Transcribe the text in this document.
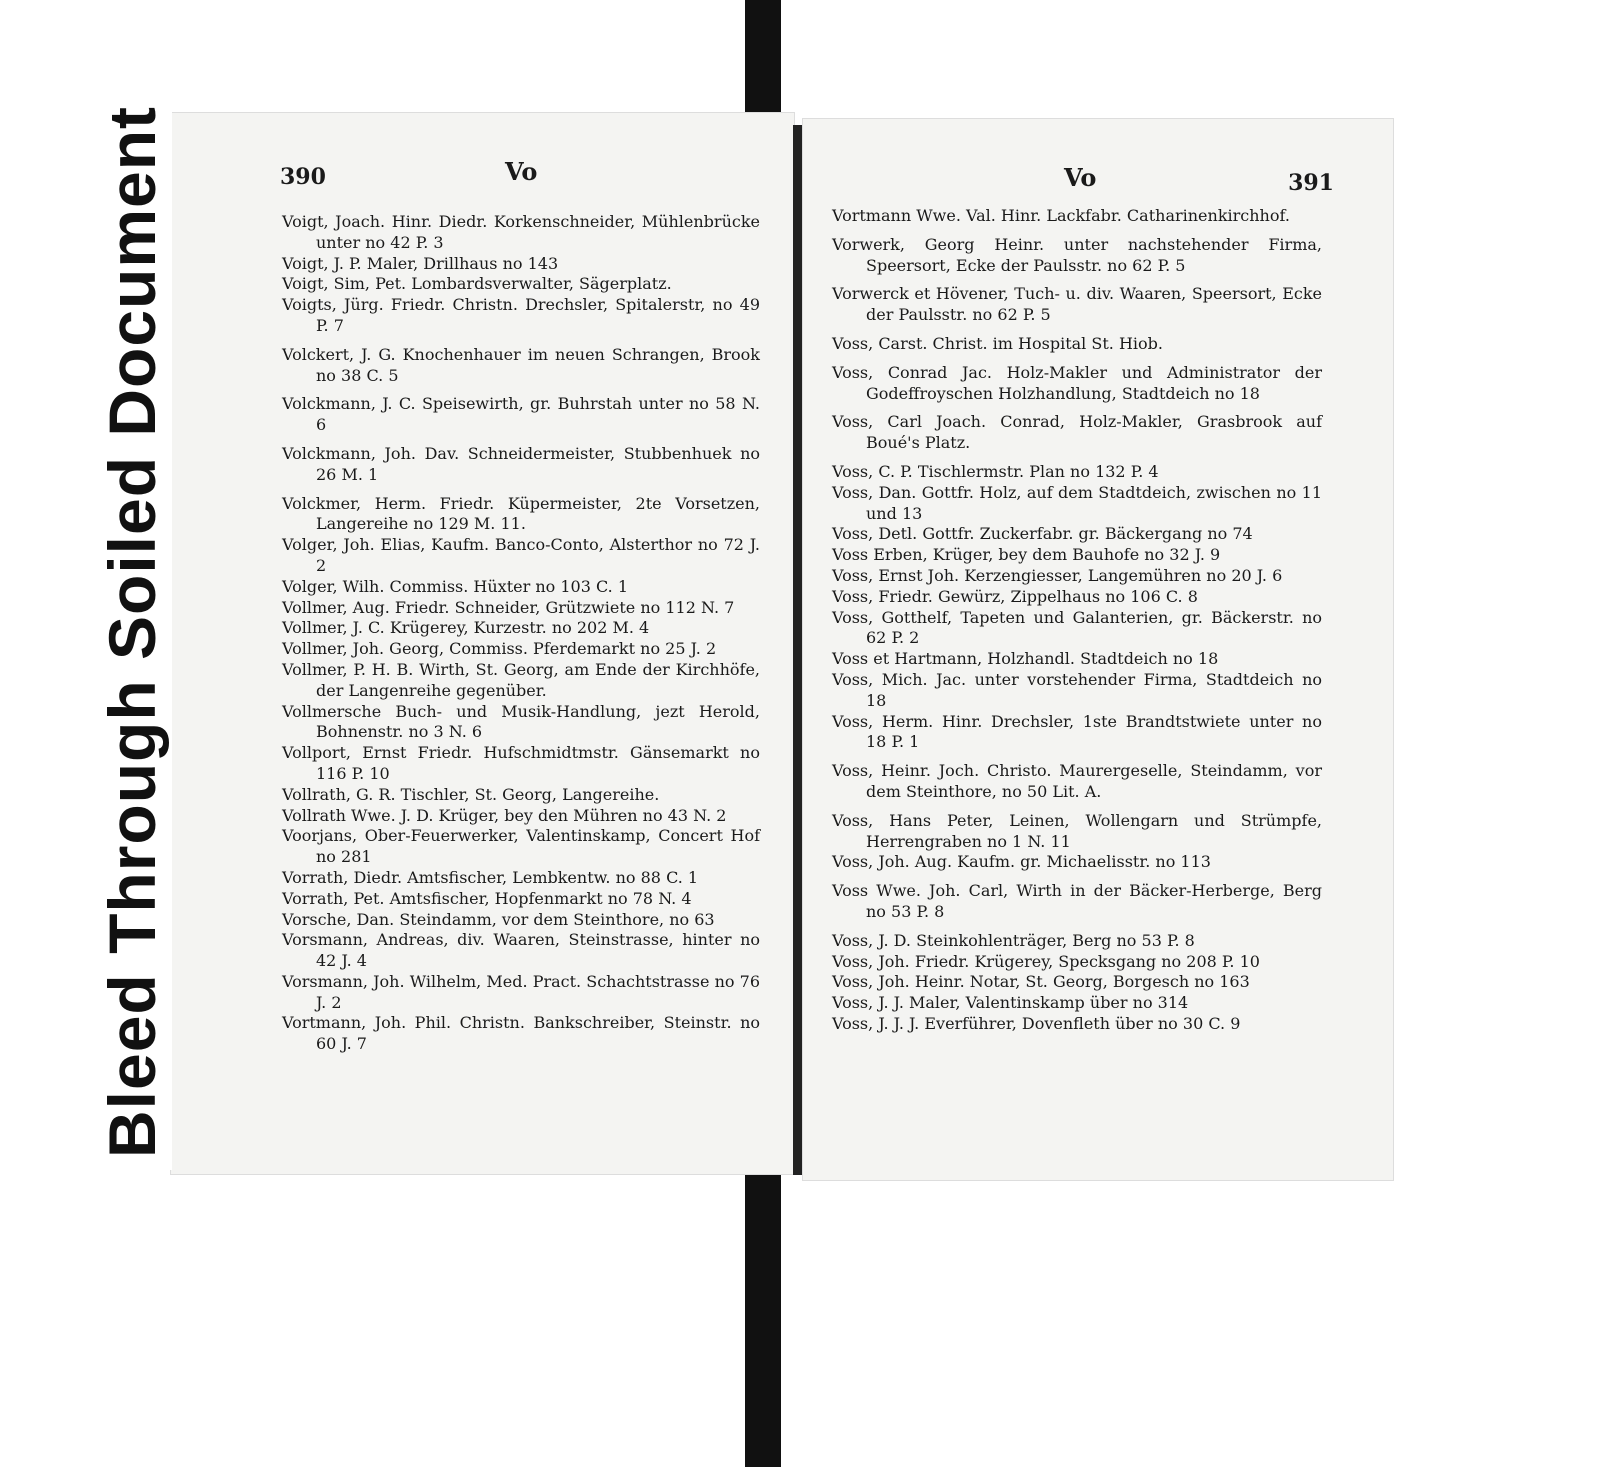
390	Vo

Voigt, Joach. Hinr. Diedr. Korkenschneider, Mühlenbrücke unter no 42 P. 3

Voigt, J. P. Maler, Drillhaus no 143

Voigt, Sim, Pet. Lombardsverwalter, Sägerplatz.

Voigts, Jürg. Friedr. Christn. Drechsler, Spitalerstr, no 49 P. 7

Volckert, J. G. Knochenhauer im neuen Schrangen, Brook no 38 C. 5

Volckmann, J. C. Speisewirth, gr. Buhrstah unter no 58 N. 6

Volckmann, Joh. Dav. Schneidermeister, Stubbenhuek no 26 M. 1

Volckmer, Herm. Friedr. Küpermeister, 2te Vorsetzen, Langereihe no 129 M. 11.

Volger, Joh. Elias, Kaufm. Banco-Conto, Alsterthor no 72 J. 2

Volger, Wilh. Commiss. Hüxter no 103 C. 1

Vollmer, Aug. Friedr. Schneider, Grützwiete no 112 N. 7

Vollmer, J. C. Krügerey, Kurzestr. no 202 M. 4

Vollmer, Joh. Georg, Commiss. Pferdemarkt no 25 J. 2

Vollmer, P. H. B. Wirth, St. Georg, am Ende der Kirchhöfe, der Langenreihe gegenüber.

Vollmersche Buch- und Musik-Handlung, jezt Herold, Bohnenstr. no 3 N. 6

Vollport, Ernst Friedr. Hufschmidtmstr. Gänsemarkt no 116 P. 10

Vollrath, G. R. Tischler, St. Georg, Langereihe.

Vollrath Wwe. J. D. Krüger, bey den Mühren no 43 N. 2

Voorjans, Ober-Feuerwerker, Valentinskamp, Concert Hof no 281

Vorrath, Diedr. Amtsfischer, Lembkentw. no 88 C. 1

Vorrath, Pet. Amtsfischer, Hopfenmarkt no 78 N. 4

Vorsche, Dan. Steindamm, vor dem Steinthore, no 63

Vorsmann, Andreas, div. Waaren, Steinstrasse, hinter no 42 J. 4

Vorsmann, Joh. Wilhelm, Med. Pract. Schachtstrasse no 76 J. 2

Vortmann, Joh. Phil. Christn. Bankschreiber, Steinstr. no 60 J. 7

Vo	391

Vortmann Wwe. Val. Hinr. Lackfabr. Catharinenkirchhof.

Vorwerk, Georg Heinr. unter nachstehender Firma, Speersort, Ecke der Paulsstr. no 62 P. 5

Vorwerck et Hövener, Tuch- u. div. Waaren, Speersort, Ecke der Paulsstr. no 62 P. 5

Voss, Carst. Christ. im Hospital St. Hiob.

Voss, Conrad Jac. Holz-Makler und Administrator der Godeffroyschen Holzhandlung, Stadtdeich no 18

Voss, Carl Joach. Conrad, Holz-Makler, Grasbrook auf Boué's Platz.

Voss, C. P. Tischlermstr. Plan no 132 P. 4

Voss, Dan. Gottfr. Holz, auf dem Stadtdeich, zwischen no 11 und 13

Voss, Detl. Gottfr. Zuckerfabr. gr. Bäckergang no 74

Voss Erben, Krüger, bey dem Bauhofe no 32 J. 9

Voss, Ernst Joh. Kerzengiesser, Langemühren no 20 J. 6

Voss, Friedr. Gewürz, Zippelhaus no 106 C. 8

Voss, Gotthelf, Tapeten und Galanterien, gr. Bäckerstr. no 62 P. 2

Voss et Hartmann, Holzhandl. Stadtdeich no 18

Voss, Mich. Jac. unter vorstehender Firma, Stadtdeich no 18

Voss, Herm. Hinr. Drechsler, 1ste Brandtstwiete unter no 18 P. 1

Voss, Heinr. Joch. Christo. Maurergeselle, Steindamm, vor dem Steinthore, no 50 Lit. A.

Voss, Hans Peter, Leinen, Wollengarn und Strümpfe, Herrengraben no 1 N. 11

Voss, Joh. Aug. Kaufm. gr. Michaelisstr. no 113

Voss Wwe. Joh. Carl, Wirth in der Bäcker-Herberge, Berg no 53 P. 8

Voss, J. D. Steinkohlenträger, Berg no 53 P. 8

Voss, Joh. Friedr. Krügerey, Specksgang no 208 P. 10

Voss, Joh. Heinr. Notar, St. Georg, Borgesch no 163

Voss, J. J. Maler, Valentinskamp über no 314

Voss, J. J. J. Everführer, Dovenfleth über no 30 C. 9

Bleed Through Soiled Document
